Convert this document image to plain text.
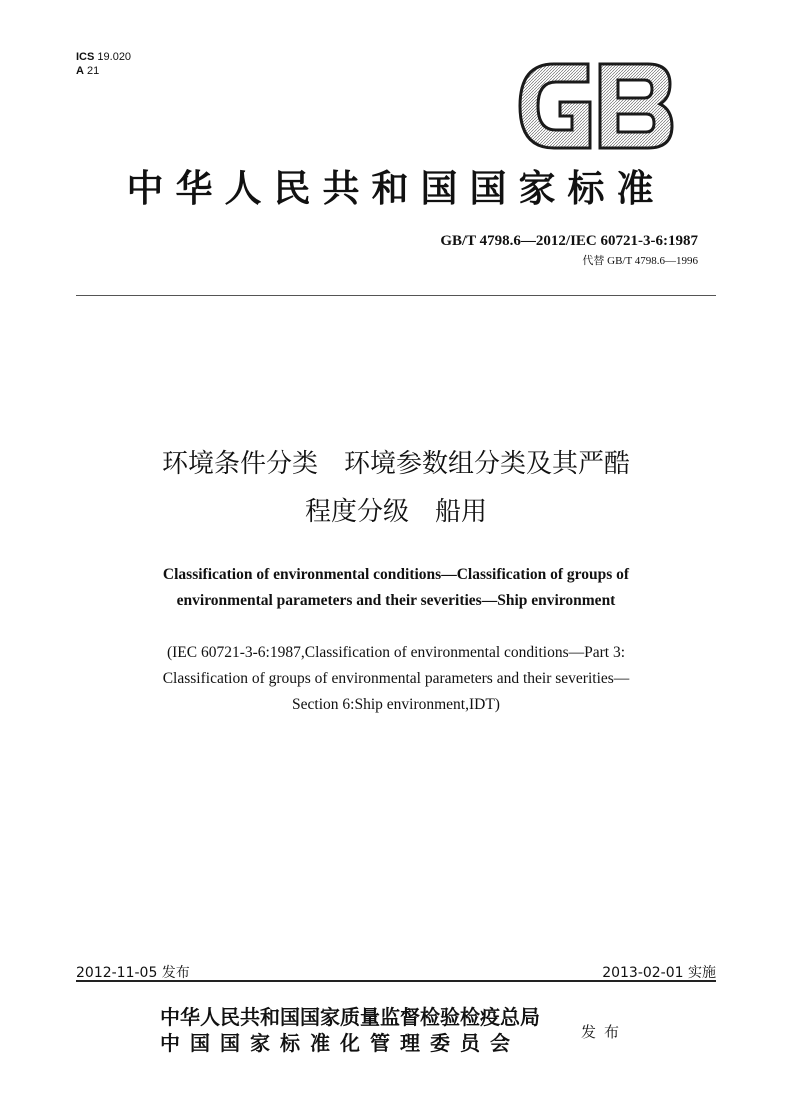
ICS 19.020
A 21
中华人民共和国国家标准
GB/T 4798.6—2012/IEC 60721-3-6:1987
代替 GB/T 4798.6—1996
环境条件分类　环境参数组分类及其严酷
程度分级　船用
Classification of environmental conditions—Classification of groups of
environmental parameters and their severities—Ship environment
(IEC 60721-3-6:1987,Classification of environmental conditions—Part 3:
Classification of groups of environmental parameters and their severities—
Section 6:Ship environment,IDT)
2012-11-05 发布	2013-02-01 实施
中华人民共和国国家质量监督检验检疫总局
中国国家标准化管理委员会	发布
